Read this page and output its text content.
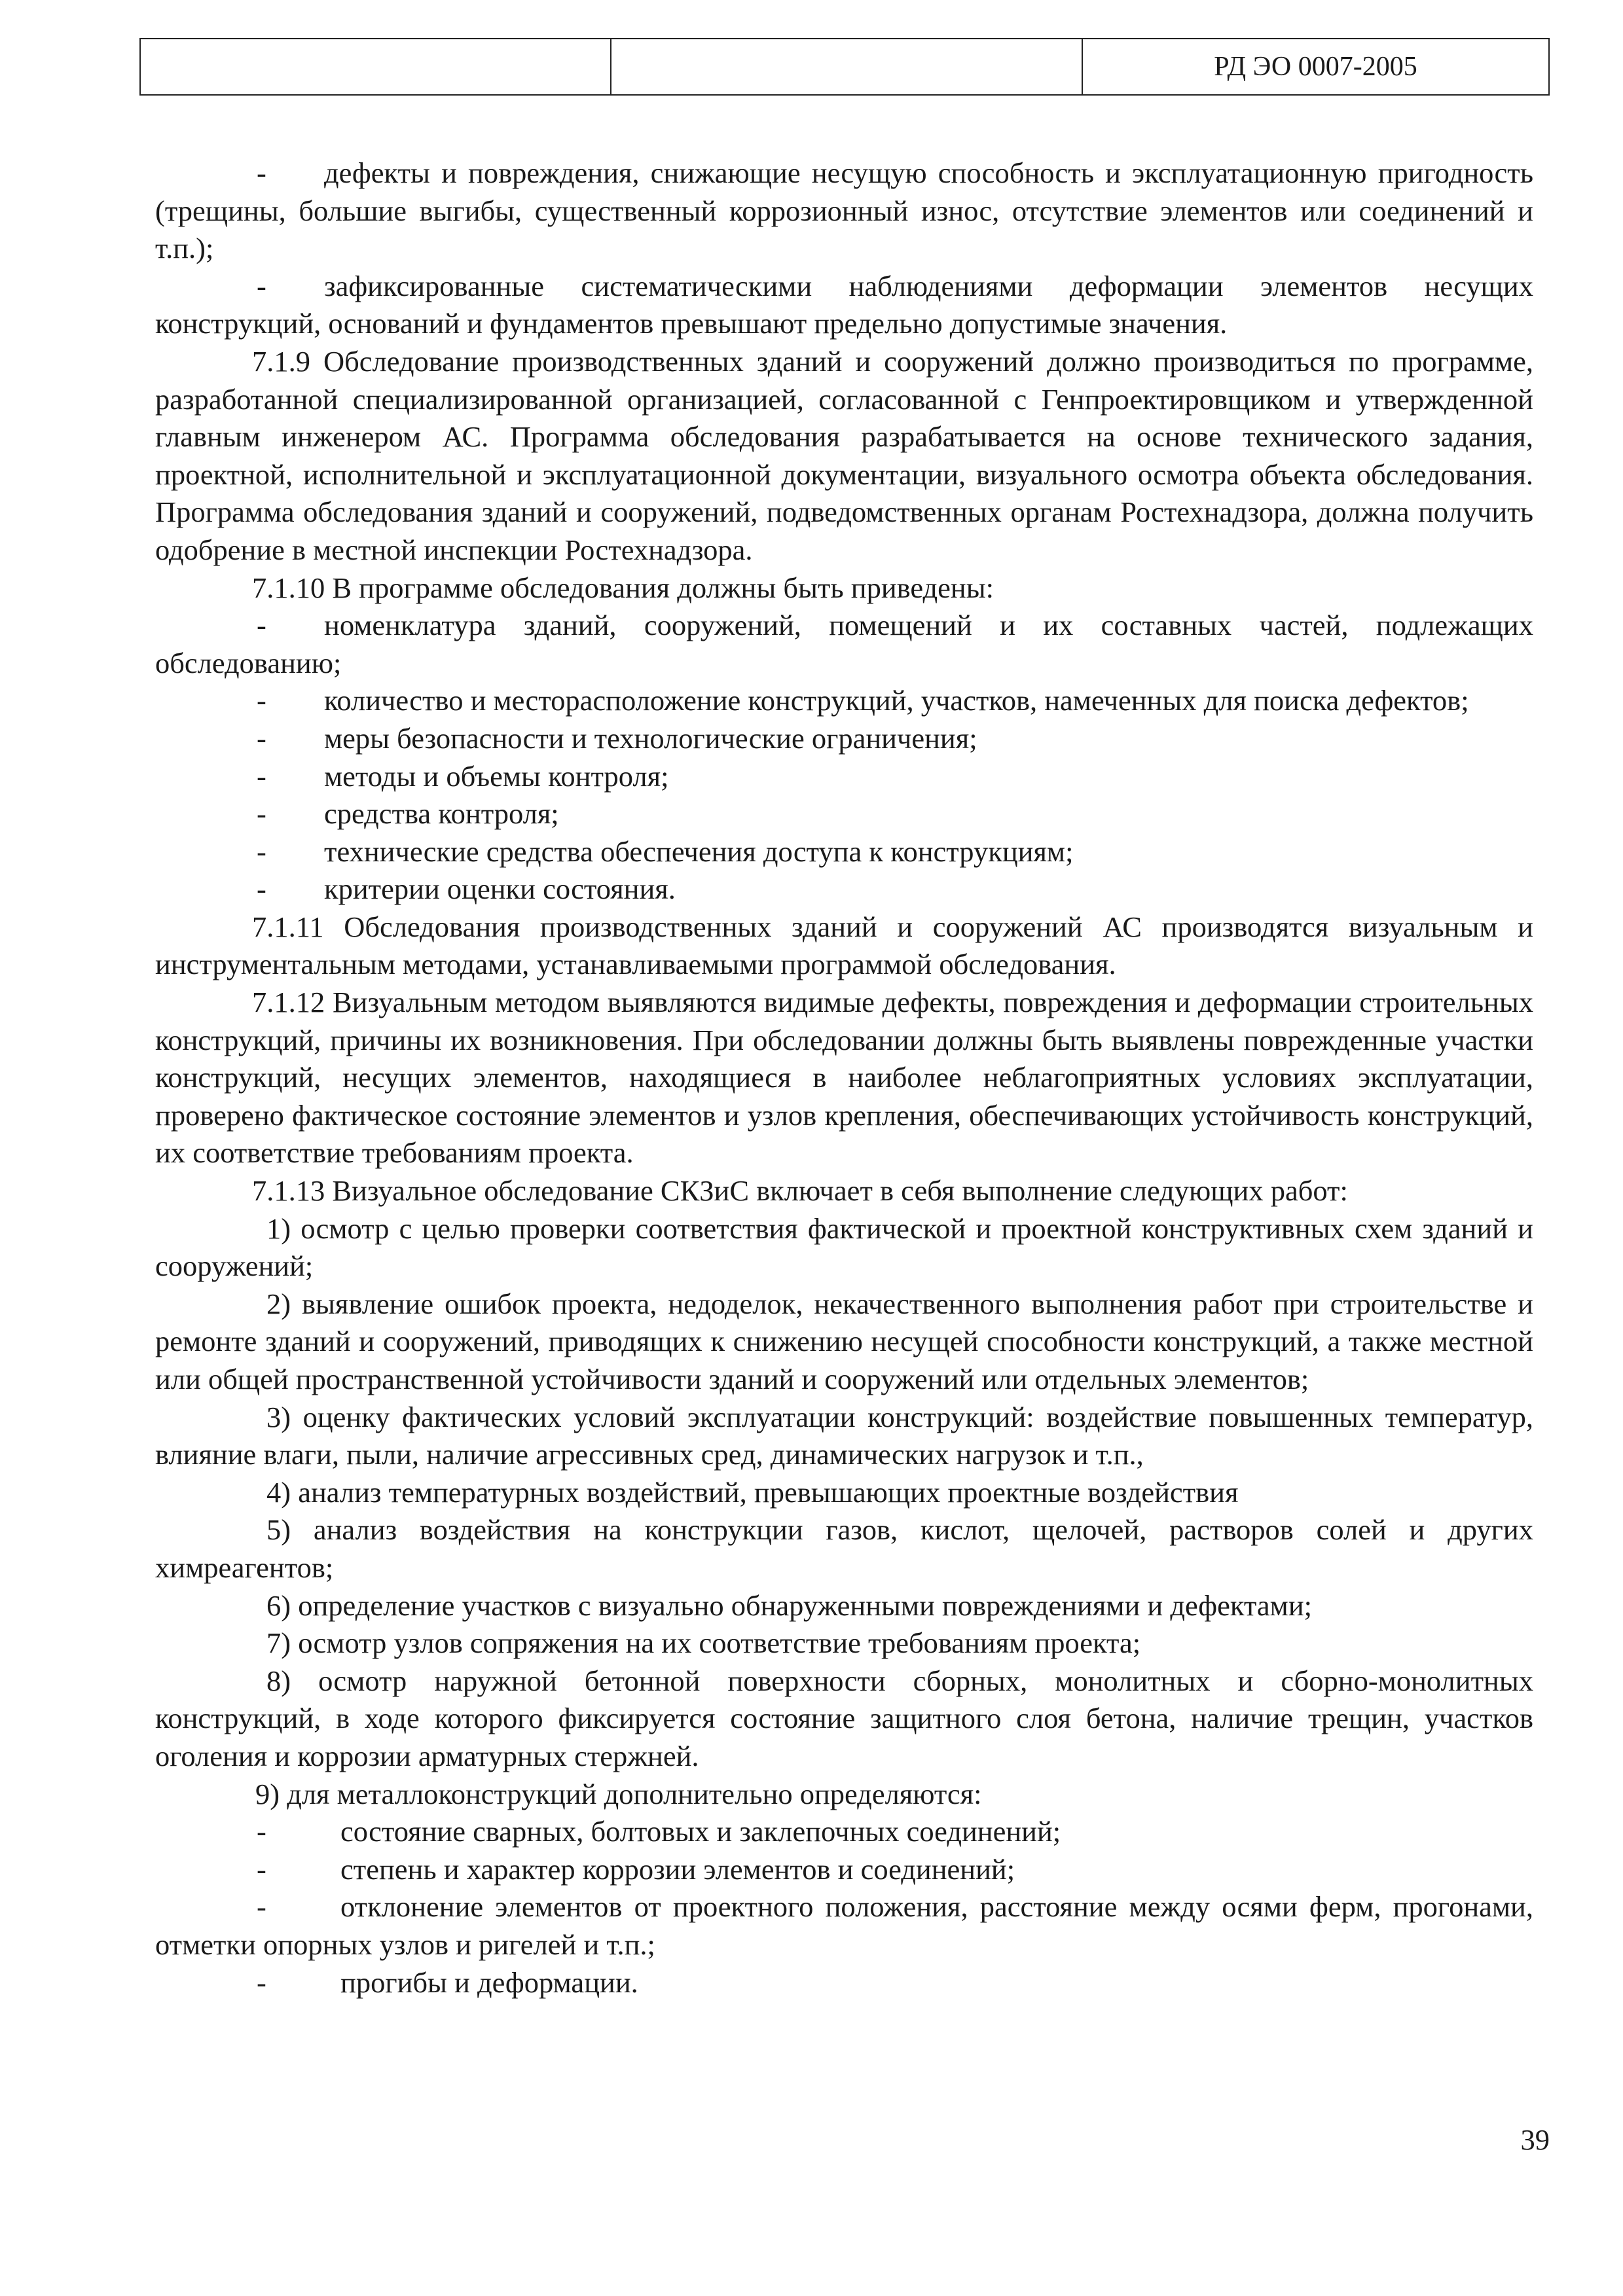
		РД ЭО 0007-2005

- дефекты и повреждения, снижающие несущую способность и эксплуатационную пригодность (трещины, большие выгибы, существенный коррозионный износ, отсутствие элементов или соединений и т.п.);

- зафиксированные систематическими наблюдениями деформации элементов несущих конструкций, оснований и фундаментов превышают предельно допустимые значения.

7.1.9 Обследование производственных зданий и сооружений должно производиться по программе, разработанной специализированной организацией, согласованной с Генпроектировщиком и утвержденной главным инженером АС. Программа обследования разрабатывается на основе технического задания, проектной, исполнительной и эксплуатационной документации, визуального осмотра объекта обследования. Программа обследования зданий и сооружений, подведомственных органам Ростехнадзора, должна получить одобрение в местной инспекции Ростехнадзора.

7.1.10 В программе обследования должны быть приведены:

- номенклатура зданий, сооружений, помещений и их составных частей, подлежащих обследованию;

- количество и месторасположение конструкций, участков, намеченных для поиска дефектов;

- меры безопасности и технологические ограничения;

- методы и объемы контроля;

- средства контроля;

- технические средства обеспечения доступа к конструкциям;

- критерии оценки состояния.

7.1.11 Обследования производственных зданий и сооружений АС производятся визуальным и инструментальным методами, устанавливаемыми программой обследования.

7.1.12 Визуальным методом выявляются видимые дефекты, повреждения и деформации строительных конструкций, причины их возникновения. При обследовании должны быть выявлены поврежденные участки конструкций, несущих элементов, находящиеся в наиболее неблагоприятных условиях эксплуатации, проверено фактическое состояние элементов и узлов крепления, обеспечивающих устойчивость конструкций, их соответствие требованиям проекта.

7.1.13 Визуальное обследование СКЗиС включает в себя выполнение следующих работ:

1) осмотр с целью проверки соответствия фактической и проектной конструктивных схем зданий и сооружений;

2) выявление ошибок проекта, недоделок, некачественного выполнения работ при строительстве и ремонте зданий и сооружений, приводящих к снижению несущей способности конструкций, а также местной или общей пространственной устойчивости зданий и сооружений или отдельных элементов;

3) оценку фактических условий эксплуатации конструкций: воздействие повышенных температур, влияние влаги, пыли, наличие агрессивных сред, динамических нагрузок и т.п.,

4) анализ температурных воздействий, превышающих проектные воздействия

5) анализ воздействия на конструкции газов, кислот, щелочей, растворов солей и других химреагентов;

6) определение участков с визуально обнаруженными повреждениями и дефектами;

7) осмотр узлов сопряжения на их соответствие требованиям проекта;

8) осмотр наружной бетонной поверхности сборных, монолитных и сборно-монолитных конструкций, в ходе которого фиксируется состояние защитного слоя бетона, наличие трещин, участков оголения и коррозии арматурных стержней.

9) для металлоконструкций дополнительно определяются:

-	состояние сварных, болтовых и заклепочных соединений;

-	степень и характер коррозии элементов и соединений;

-	отклонение элементов от проектного положения, расстояние между осями ферм, прогонами, отметки опорных узлов и ригелей и т.п.;

-	прогибы и деформации.

39
